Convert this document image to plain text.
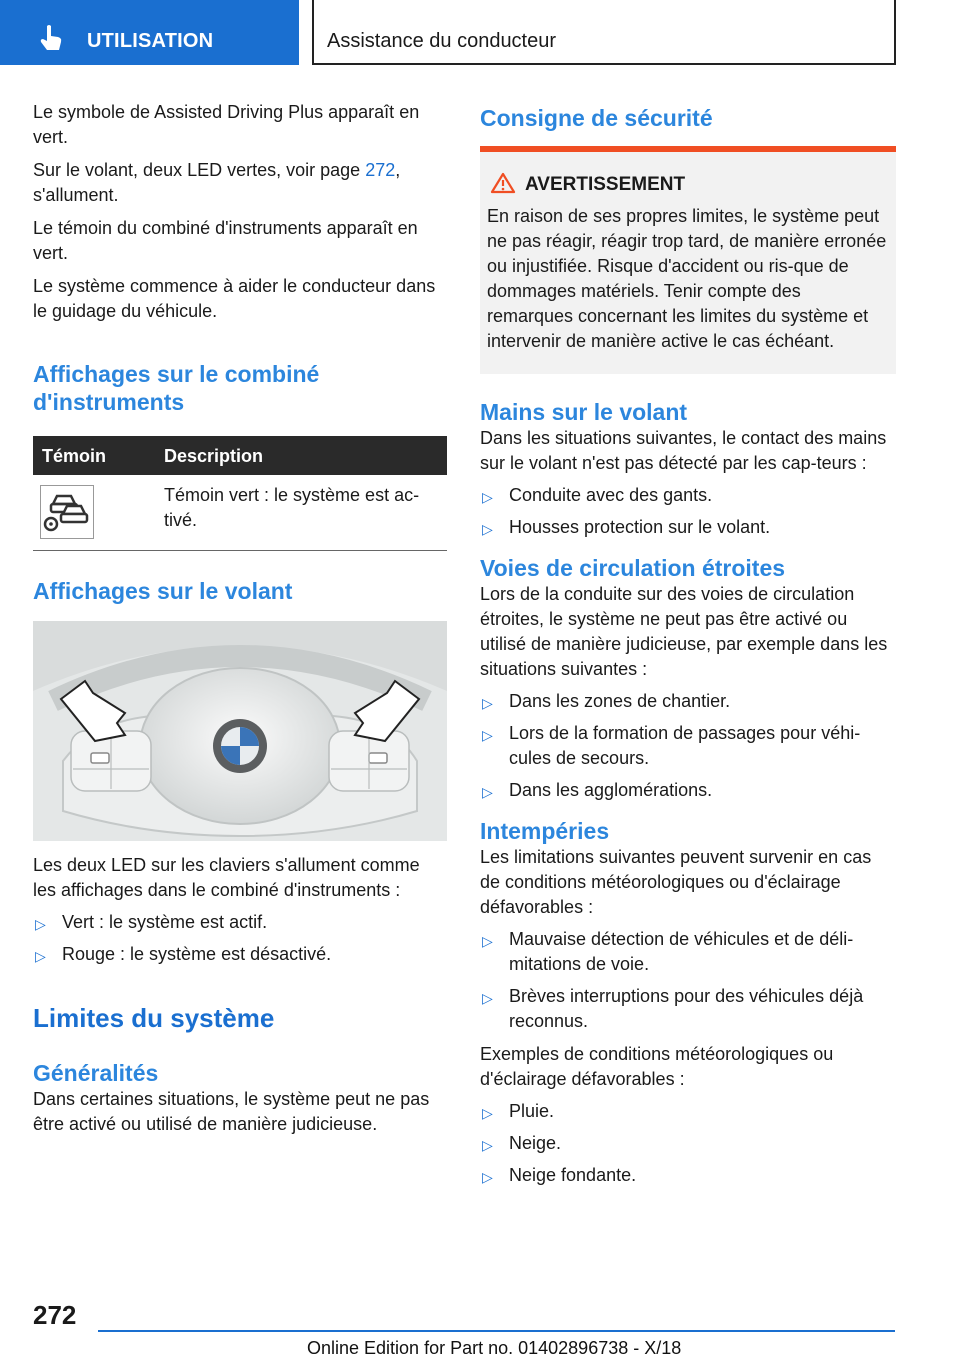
UTILISATION	Assistance du conducteur

Le symbole de Assisted Driving Plus apparaît en vert.

Sur le volant, deux LED vertes, voir page 272,
s'allument.

Le témoin du combiné d'instruments apparaît en vert.

Le système commence à aider le conducteur dans le guidage du véhicule.

Affichages sur le combiné d'instruments
Témoin	Description
Témoin vert : le système est ac-tivé.
Affichages sur le volant

Les deux LED sur les claviers s'allument comme les affichages dans le combiné d'instruments :

▷ Vert : le système est actif.
▷ Rouge : le système est désactivé.
Limites du système
Généralités

Dans certaines situations, le système peut ne pas être activé ou utilisé de manière judicieuse.

Consigne de sécurité
AVERTISSEMENT

En raison de ses propres limites, le système peut ne pas réagir, réagir trop tard, de manière erronée ou injustifiée. Risque d'accident ou ris-que de dommages matériels. Tenir compte des remarques concernant les limites du système et intervenir de manière active le cas échéant.

Mains sur le volant

Dans les situations suivantes, le contact des mains sur le volant n'est pas détecté par les cap-teurs :

▷ Conduite avec des gants.
▷ Housses protection sur le volant.
Voies de circulation étroites

Lors de la conduite sur des voies de circulation étroites, le système ne peut pas être activé ou utilisé de manière judicieuse, par exemple dans les situations suivantes :

▷ Dans les zones de chantier.
▷ Lors de la formation de passages pour véhi-cules de secours.
▷ Dans les agglomérations.
Intempéries

Les limitations suivantes peuvent survenir en cas de conditions météorologiques ou d'éclairage défavorables :

▷ Mauvaise détection de véhicules et de déli-mitations de voie.
▷ Brèves interruptions pour des véhicules déjà reconnus.

Exemples de conditions météorologiques ou d'éclairage défavorables :

▷ Pluie.
▷ Neige.
▷ Neige fondante.
272
Online Edition for Part no. 01402896738 - X/18
